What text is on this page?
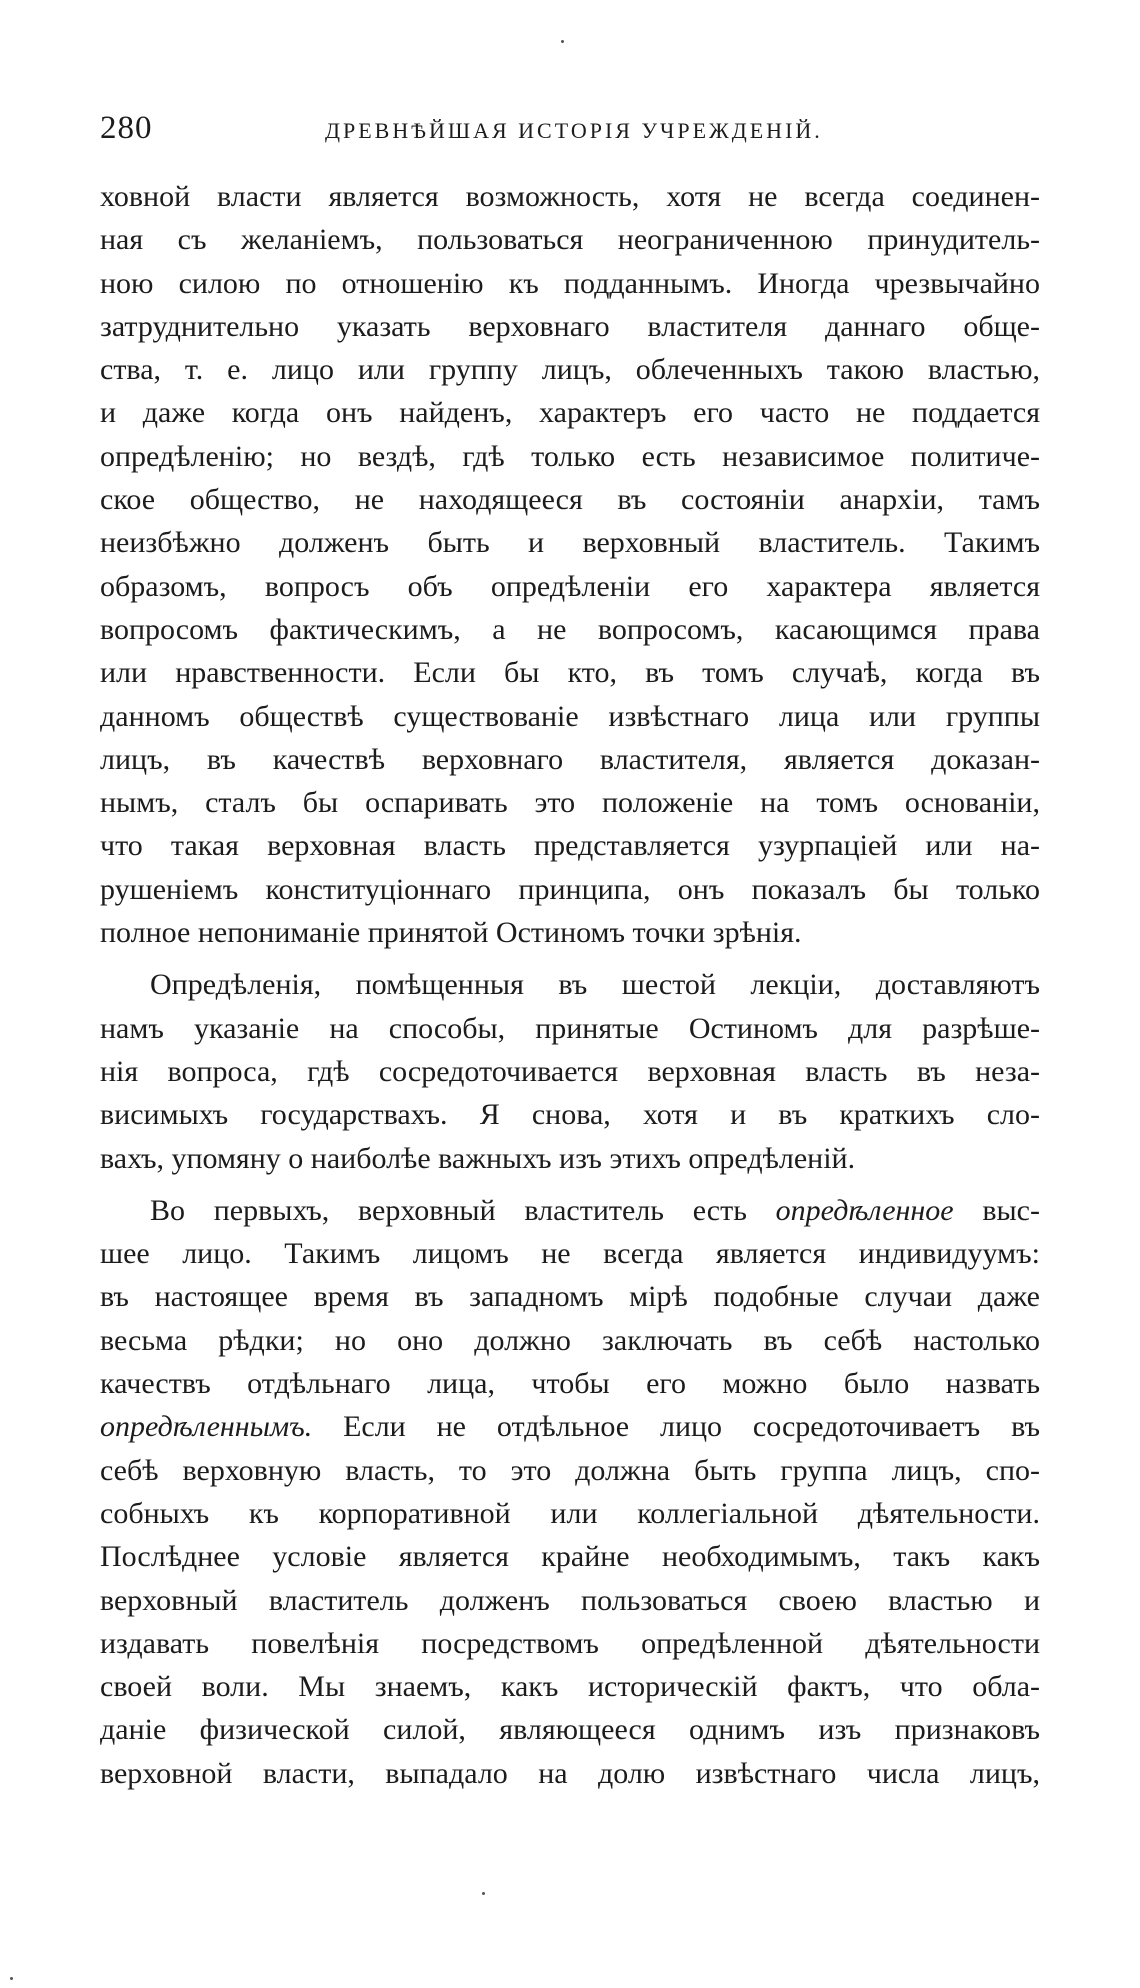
280	ДРЕВНѢЙШАЯ ИСТОРІЯ УЧРЕЖДЕНІЙ.
ховной власти является возможность, хотя не всегда соединен-
ная съ желаніемъ, пользоваться неограниченною принудитель-
ною силою по отношенію къ подданнымъ. Иногда чрезвычайно
затруднительно указать верховнаго властителя даннаго обще-
ства, т. е. лицо или группу лицъ, облеченныхъ такою властью,
и даже когда онъ найденъ, характеръ его часто не поддается
опредѣленію; но вездѣ, гдѣ только есть независимое политиче-
ское общество, не находящееся въ состояніи анархіи, тамъ
неизбѣжно долженъ быть и верховный властитель. Такимъ
образомъ, вопросъ объ опредѣленіи его характера является
вопросомъ фактическимъ, а не вопросомъ, касающимся права
или нравственности. Если бы кто, въ томъ случаѣ, когда въ
данномъ обществѣ существованіе извѣстнаго лица или группы
лицъ, въ качествѣ верховнаго властителя, является доказан-
нымъ, сталъ бы оспаривать это положеніе на томъ основаніи,
что такая верховная власть представляется узурпаціей или на-
рушеніемъ конституціоннаго принципа, онъ показалъ бы только
полное непониманіе принятой Остиномъ точки зрѣнія.
Опредѣленія, помѣщенныя въ шестой лекціи, доставляютъ
намъ указаніе на способы, принятые Остиномъ для разрѣше-
нія вопроса, гдѣ сосредоточивается верховная власть въ неза-
висимыхъ государствахъ. Я снова, хотя и въ краткихъ сло-
вахъ, упомяну о наиболѣе важныхъ изъ этихъ опредѣленій.
Во первыхъ, верховный властитель есть опредѣленное выс-
шее лицо. Такимъ лицомъ не всегда является индивидуумъ:
въ настоящее время въ западномъ мірѣ подобные случаи даже
весьма рѣдки; но оно должно заключать въ себѣ настолько
качествъ отдѣльнаго лица, чтобы его можно было назвать
опредѣленнымъ. Если не отдѣльное лицо сосредоточиваетъ въ
себѣ верховную власть, то это должна быть группа лицъ, спо-
собныхъ къ корпоративной или коллегіальной дѣятельности.
Послѣднее условіе является крайне необходимымъ, такъ какъ
верховный властитель долженъ пользоваться своею властью и
издавать повелѣнія посредствомъ опредѣленной дѣятельности
своей воли. Мы знаемъ, какъ историческій фактъ, что обла-
даніе физической силой, являющееся однимъ изъ признаковъ
верховной власти, выпадало на долю извѣстнаго числа лицъ,
